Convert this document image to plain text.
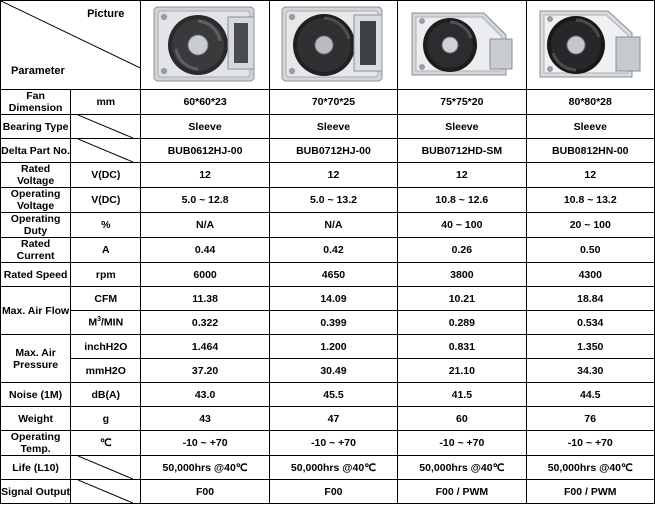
Picture
Parameter

Fan Dimension	mm	60*60*23	70*70*25	75*75*20	80*80*28
Bearing Type		Sleeve	Sleeve	Sleeve	Sleeve
Delta Part No.		BUB0612HJ-00	BUB0712HJ-00	BUB0712HD-SM	BUB0812HN-00
Rated Voltage	V(DC)	12	12	12	12
Operating Voltage	V(DC)	5.0 ~ 12.8	5.0 ~ 13.2	10.8 ~ 12.6	10.8 ~ 13.2
Operating Duty	%	N/A	N/A	40 ~ 100	20 ~ 100
Rated Current	A	0.44	0.42	0.26	0.50
Rated Speed	rpm	6000	4650	3800	4300
Max. Air Flow	CFM	11.38	14.09	10.21	18.84
	$M^3$/MIN	0.322	0.399	0.289	0.534
Max. Air Pressure	inchH2O	1.464	1.200	0.831	1.350
	mmH2O	37.20	30.49	21.10	34.30
Noise (1M)	dB(A)	43.0	45.5	41.5	44.5
Weight	g	43	47	60	76
Operating Temp.	℃	-10 ~ +70	-10 ~ +70	-10 ~ +70	-10 ~ +70
Life (L10)		50,000hrs @40℃	50,000hrs @40℃	50,000hrs @40℃	50,000hrs @40℃
Signal Output		F00	F00	F00 / PWM	F00 / PWM
